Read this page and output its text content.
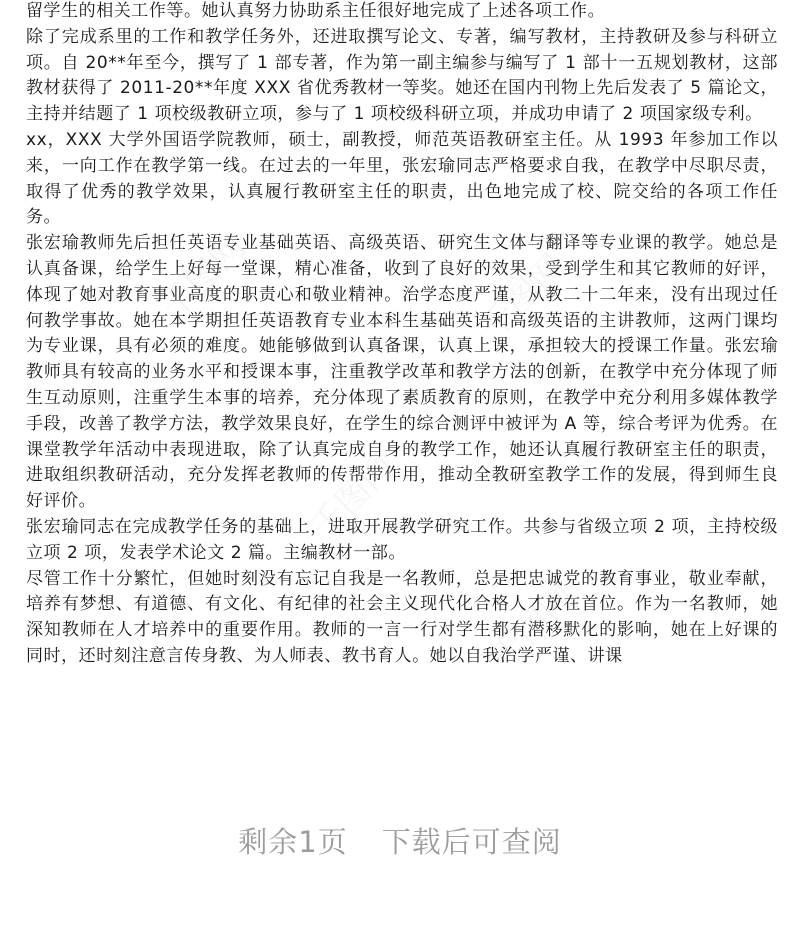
留学生的相关工作等。她认真努力协助系主任很好地完成了上述各项工作。

除了完成系里的工作和教学任务外，还进取撰写论文、专著，编写教材，主持教研及参与科研立项。自 20**年至今，撰写了 1 部专著，作为第一副主编参与编写了 1 部十一五规划教材，这部教材获得了 2011-20**年度 XXX 省优秀教材一等奖。她还在国内刊物上先后发表了 5 篇论文，主持并结题了 1 项校级教研立项，参与了 1 项校级科研立项，并成功申请了 2 项国家级专利。

xx，XXX 大学外国语学院教师，硕士，副教授，师范英语教研室主任。从 1993 年参加工作以来，一向工作在教学第一线。在过去的一年里，张宏瑜同志严格要求自我，在教学中尽职尽责，取得了优秀的教学效果，认真履行教研室主任的职责，出色地完成了校、院交给的各项工作任务。

张宏瑜教师先后担任英语专业基础英语、高级英语、研究生文体与翻译等专业课的教学。她总是认真备课，给学生上好每一堂课，精心准备，收到了良好的效果，受到学生和其它教师的好评，体现了她对教育事业高度的职责心和敬业精神。治学态度严谨，从教二十二年来，没有出现过任何教学事故。她在本学期担任英语教育专业本科生基础英语和高级英语的主讲教师，这两门课均为专业课，具有必须的难度。她能够做到认真备课，认真上课，承担较大的授课工作量。张宏瑜教师具有较高的业务水平和授课本事，注重教学改革和教学方法的创新，在教学中充分体现了师生互动原则，注重学生本事的培养，充分体现了素质教育的原则，在教学中充分利用多媒体教学手段，改善了教学方法，教学效果良好，在学生的综合测评中被评为 A 等，综合考评为优秀。在课堂教学年活动中表现进取，除了认真完成自身的教学工作，她还认真履行教研室主任的职责，进取组织教研活动，充分发挥老教师的传帮带作用，推动全教研室教学工作的发展，得到师生良好评价。

张宏瑜同志在完成教学任务的基础上，进取开展教学研究工作。共参与省级立项 2 项，主持校级立项 2 项，发表学术论文 2 篇。主编教材一部。

尽管工作十分繁忙，但她时刻没有忘记自我是一名教师，总是把忠诚党的教育事业，敬业奉献，培养有梦想、有道德、有文化、有纪律的社会主义现代化合格人才放在首位。作为一名教师，她深知教师在人才培养中的重要作用。教师的一言一行对学生都有潜移默化的影响，她在上好课的同时，还时刻注意言传身教、为人师表、教书育人。她以自我治学严谨、讲课

千图网	千图网
千图网
千图网
剩余1页 下载后可查阅
